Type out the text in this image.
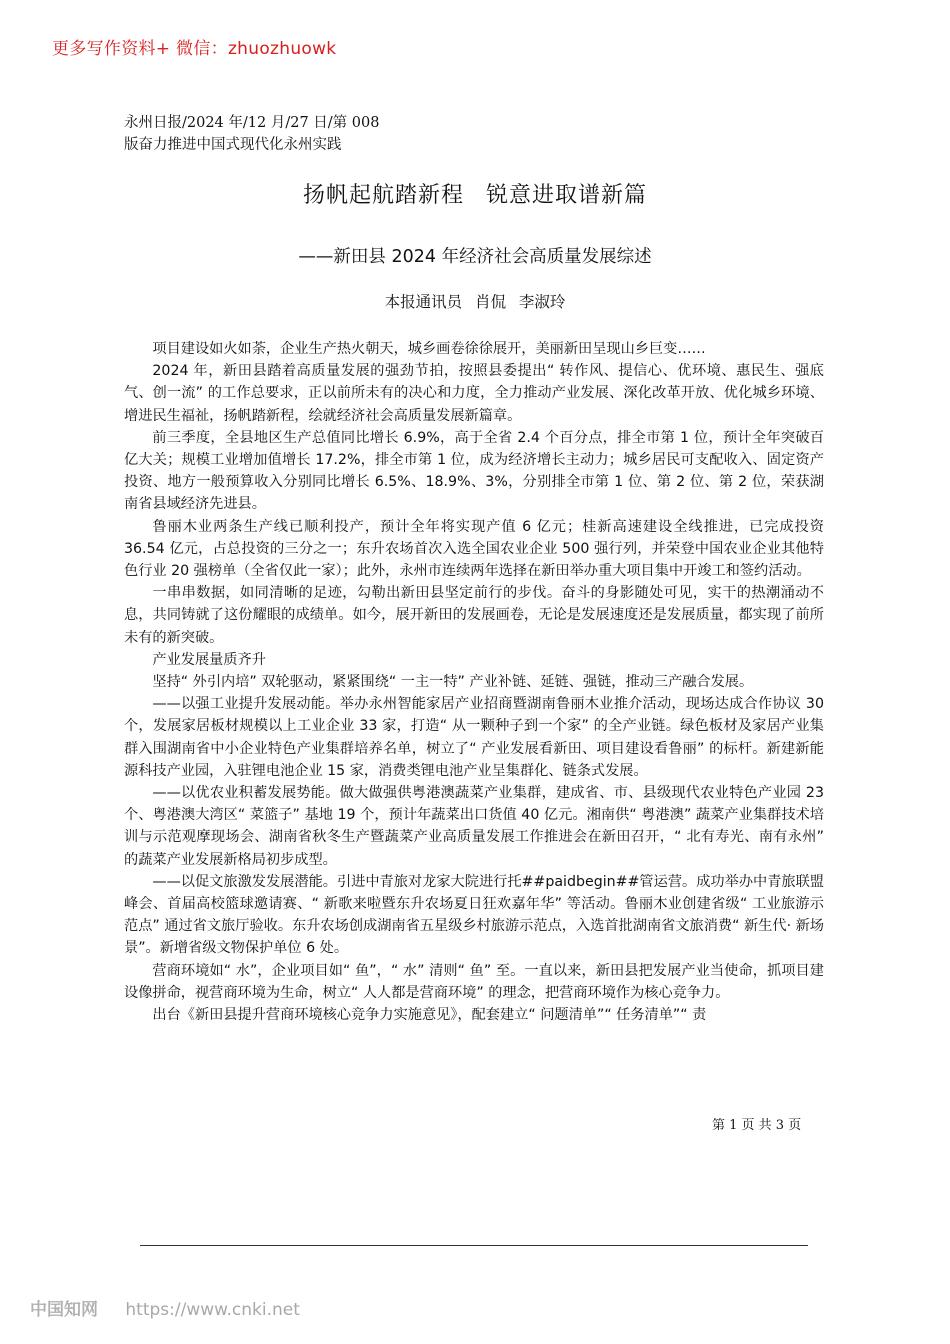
更多写作资料+ 微信：zhuozhuowk
永州日报/2024 年/12 月/27 日/第 008
版奋力推进中国式现代化永州实践
扬帆起航踏新程 锐意进取谱新篇
——新田县 2024 年经济社会高质量发展综述
本报通讯员 肖侃 李淑玲

项目建设如火如荼，企业生产热火朝天，城乡画卷徐徐展开，美丽新田呈现山乡巨变……

2024 年，新田县踏着高质量发展的强劲节拍，按照县委提出“ 转作风、提信心、优环境、惠民生、强底气、创一流” 的工作总要求，正以前所未有的决心和力度，全力推动产业发展、深化改革开放、优化城乡环境、增进民生福祉，扬帆踏新程，绘就经济社会高质量发展新篇章。

前三季度，全县地区生产总值同比增长 6.9%，高于全省 2.4 个百分点，排全市第 1 位，预计全年突破百亿大关；规模工业增加值增长 17.2%，排全市第 1 位，成为经济增长主动力；城乡居民可支配收入、固定资产投资、地方一般预算收入分别同比增长 6.5%、18.9%、3%，分别排全市第 1 位、第 2 位、第 2 位，荣获湖南省县域经济先进县。

鲁丽木业两条生产线已顺利投产，预计全年将实现产值 6 亿元；桂新高速建设全线推进，已完成投资 36.54 亿元，占总投资的三分之一；东升农场首次入选全国农业企业 500 强行列，并荣登中国农业企业其他特色行业 20 强榜单（全省仅此一家）；此外，永州市连续两年选择在新田举办重大项目集中开竣工和签约活动。

一串串数据，如同清晰的足迹，勾勒出新田县坚定前行的步伐。奋斗的身影随处可见，实干的热潮涌动不息，共同铸就了这份耀眼的成绩单。如今，展开新田的发展画卷，无论是发展速度还是发展质量，都实现了前所未有的新突破。

产业发展量质齐升

坚持“ 外引内培” 双轮驱动，紧紧围绕“ 一主一特” 产业补链、延链、强链，推动三产融合发展。

——以强工业提升发展动能。举办永州智能家居产业招商暨湖南鲁丽木业推介活动，现场达成合作协议 30 个，发展家居板材规模以上工业企业 33 家，打造“ 从一颗种子到一个家” 的全产业链。绿色板材及家居产业集群入围湖南省中小企业特色产业集群培养名单，树立了“ 产业发展看新田、项目建设看鲁丽” 的标杆。新建新能源科技产业园，入驻锂电池企业 15 家，消费类锂电池产业呈集群化、链条式发展。

——以优农业积蓄发展势能。做大做强供粤港澳蔬菜产业集群，建成省、市、县级现代农业特色产业园 23 个、粤港澳大湾区“ 菜篮子” 基地 19 个，预计年蔬菜出口货值 40 亿元。湘南供“ 粤港澳” 蔬菜产业集群技术培训与示范观摩现场会、湖南省秋冬生产暨蔬菜产业高质量发展工作推进会在新田召开，“ 北有寿光、南有永州” 的蔬菜产业发展新格局初步成型。

——以促文旅激发发展潜能。引进中青旅对龙家大院进行托##paidbegin##管运营。成功举办中青旅联盟峰会、首届高校篮球邀请赛、“ 新歌来啦暨东升农场夏日狂欢嘉年华” 等活动。鲁丽木业创建省级“ 工业旅游示范点” 通过省文旅厅验收。东升农场创成湖南省五星级乡村旅游示范点，入选首批湖南省文旅消费“ 新生代· 新场景”。新增省级文物保护单位 6 处。

营商环境如“ 水”，企业项目如“ 鱼”，“ 水” 清则“ 鱼” 至。一直以来，新田县把发展产业当使命，抓项目建设像拼命，视营商环境为生命，树立“ 人人都是营商环境” 的理念，把营商环境作为核心竞争力。

出台《新田县提升营商环境核心竞争力实施意见》，配套建立“ 问题清单”“ 任务清单”“ 责

第 1 页 共 3 页
中国知网 https://www.cnki.net
